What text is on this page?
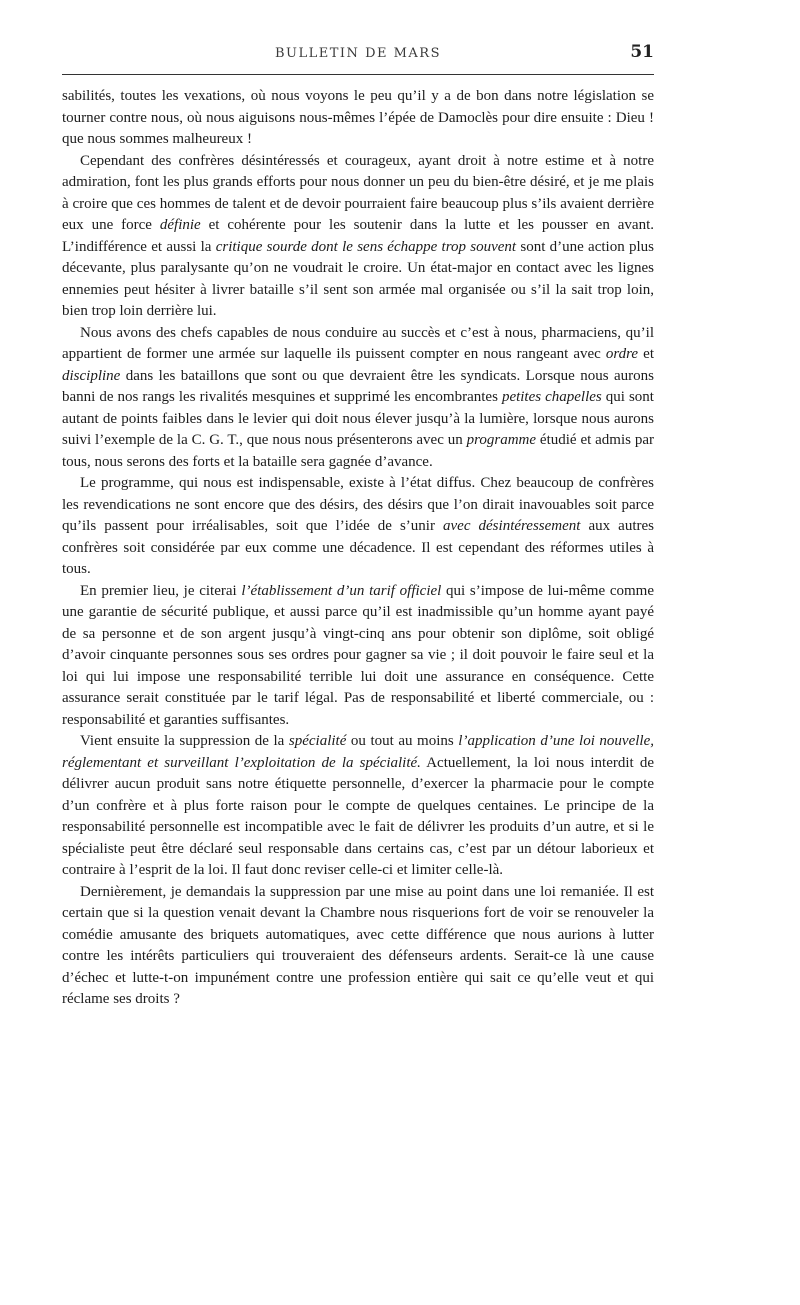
BULLETIN DE MARS	51

sabilités, toutes les vexations, où nous voyons le peu qu’il y a de bon dans notre législation se tourner contre nous, où nous aiguisons nous-mêmes l’épée de Damoclès pour dire ensuite : Dieu ! que nous sommes malheureux !

Cependant des confrères désintéressés et courageux, ayant droit à notre estime et à notre admiration, font les plus grands efforts pour nous donner un peu du bien-être désiré, et je me plais à croire que ces hommes de talent et de devoir pourraient faire beaucoup plus s’ils avaient derrière eux une force définie et cohérente pour les soutenir dans la lutte et les pousser en avant. L’indifférence et aussi la critique sourde dont le sens échappe trop souvent sont d’une action plus décevante, plus paralysante qu’on ne voudrait le croire. Un état-major en contact avec les lignes ennemies peut hésiter à livrer bataille s’il sent son armée mal organisée ou s’il la sait trop loin, bien trop loin derrière lui.

Nous avons des chefs capables de nous conduire au succès et c’est à nous, pharmaciens, qu’il appartient de former une armée sur laquelle ils puissent compter en nous rangeant avec ordre et discipline dans les bataillons que sont ou que devraient être les syndicats. Lorsque nous aurons banni de nos rangs les rivalités mesquines et supprimé les encombrantes petites chapelles qui sont autant de points faibles dans le levier qui doit nous élever jusqu’à la lumière, lorsque nous aurons suivi l’exemple de la C. G. T., que nous nous présenterons avec un programme étudié et admis par tous, nous serons des forts et la bataille sera gagnée d’avance.

Le programme, qui nous est indispensable, existe à l’état diffus. Chez beaucoup de confrères les revendications ne sont encore que des désirs, des désirs que l’on dirait inavouables soit parce qu’ils passent pour irréalisables, soit que l’idée de s’unir avec désintéressement aux autres confrères soit considérée par eux comme une décadence. Il est cependant des réformes utiles à tous.

En premier lieu, je citerai l’établissement d’un tarif officiel qui s’impose de lui-même comme une garantie de sécurité publique, et aussi parce qu’il est inadmissible qu’un homme ayant payé de sa personne et de son argent jusqu’à vingt-cinq ans pour obtenir son diplôme, soit obligé d’avoir cinquante personnes sous ses ordres pour gagner sa vie ; il doit pouvoir le faire seul et la loi qui lui impose une responsabilité terrible lui doit une assurance en conséquence. Cette assurance serait constituée par le tarif légal. Pas de responsabilité et liberté commerciale, ou : responsabilité et garanties suffisantes.

Vient ensuite la suppression de la spécialité ou tout au moins l’application d’une loi nouvelle, réglementant et surveillant l’exploitation de la spécialité. Actuellement, la loi nous interdit de délivrer aucun produit sans notre étiquette personnelle, d’exercer la pharmacie pour le compte d’un confrère et à plus forte raison pour le compte de quelques centaines. Le principe de la responsabilité personnelle est incompatible avec le fait de délivrer les produits d’un autre, et si le spécialiste peut être déclaré seul responsable dans certains cas, c’est par un détour laborieux et contraire à l’esprit de la loi. Il faut donc reviser celle-ci et limiter celle-là.

Dernièrement, je demandais la suppression par une mise au point dans une loi remaniée. Il est certain que si la question venait devant la Chambre nous risquerions fort de voir se renouveler la comédie amusante des briquets automatiques, avec cette différence que nous aurions à lutter contre les intérêts particuliers qui trouveraient des défenseurs ardents. Serait-ce là une cause d’échec et lutte-t-on impunément contre une profession entière qui sait ce qu’elle veut et qui réclame ses droits ?
